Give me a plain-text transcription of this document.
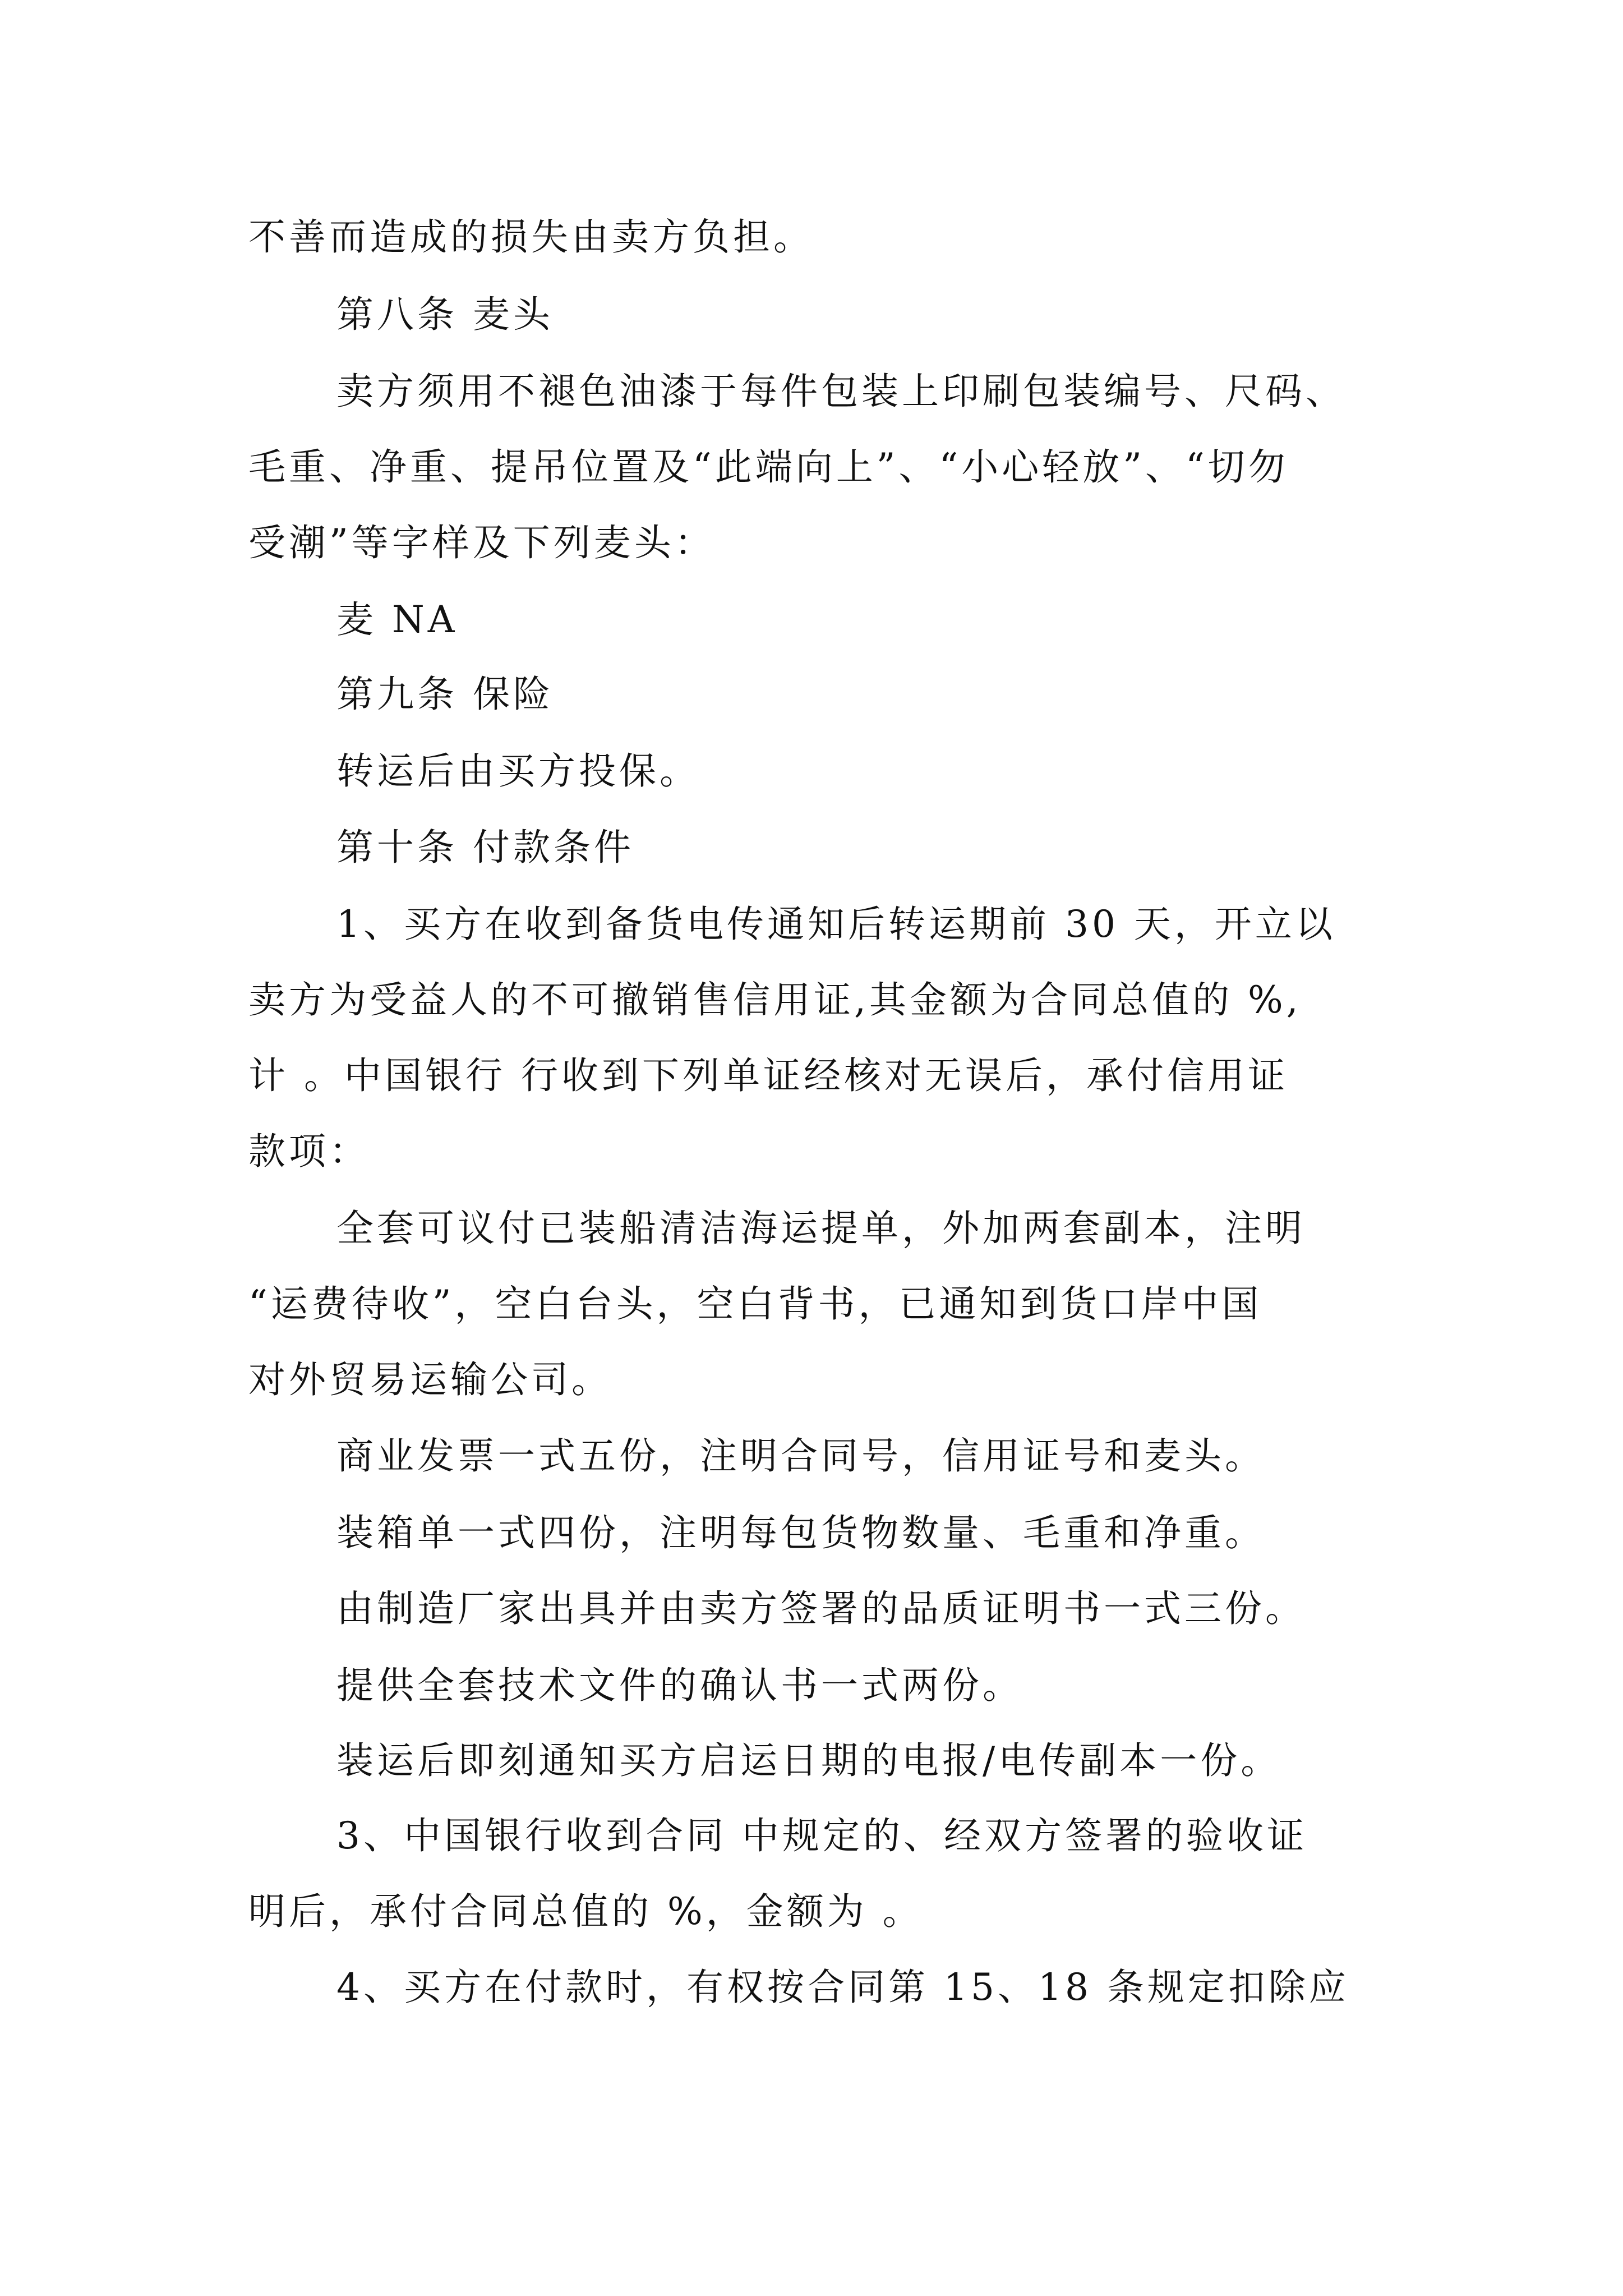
不善而造成的损失由卖方负担。
第八条 麦头
卖方须用不褪色油漆于每件包装上印刷包装编号、尺码、
毛重、净重、提吊位置及“此端向上”、“小心轻放”、“切勿
受潮”等字样及下列麦头：
麦 NA
第九条 保险
转运后由买方投保。
第十条 付款条件
1、买方在收到备货电传通知后转运期前 30 天，开立以
卖方为受益人的不可撤销售信用证,其金额为合同总值的 %,
计 。中国银行 行收到下列单证经核对无误后，承付信用证
款项：
全套可议付已装船清洁海运提单，外加两套副本，注明
“运费待收”，空白台头，空白背书，已通知到货口岸中国
对外贸易运输公司。
商业发票一式五份，注明合同号，信用证号和麦头。
装箱单一式四份，注明每包货物数量、毛重和净重。
由制造厂家出具并由卖方签署的品质证明书一式三份。
提供全套技术文件的确认书一式两份。
装运后即刻通知买方启运日期的电报/电传副本一份。
3、中国银行收到合同 中规定的、经双方签署的验收证
明后，承付合同总值的 %，金额为 。
4、买方在付款时，有权按合同第 15、18 条规定扣除应
